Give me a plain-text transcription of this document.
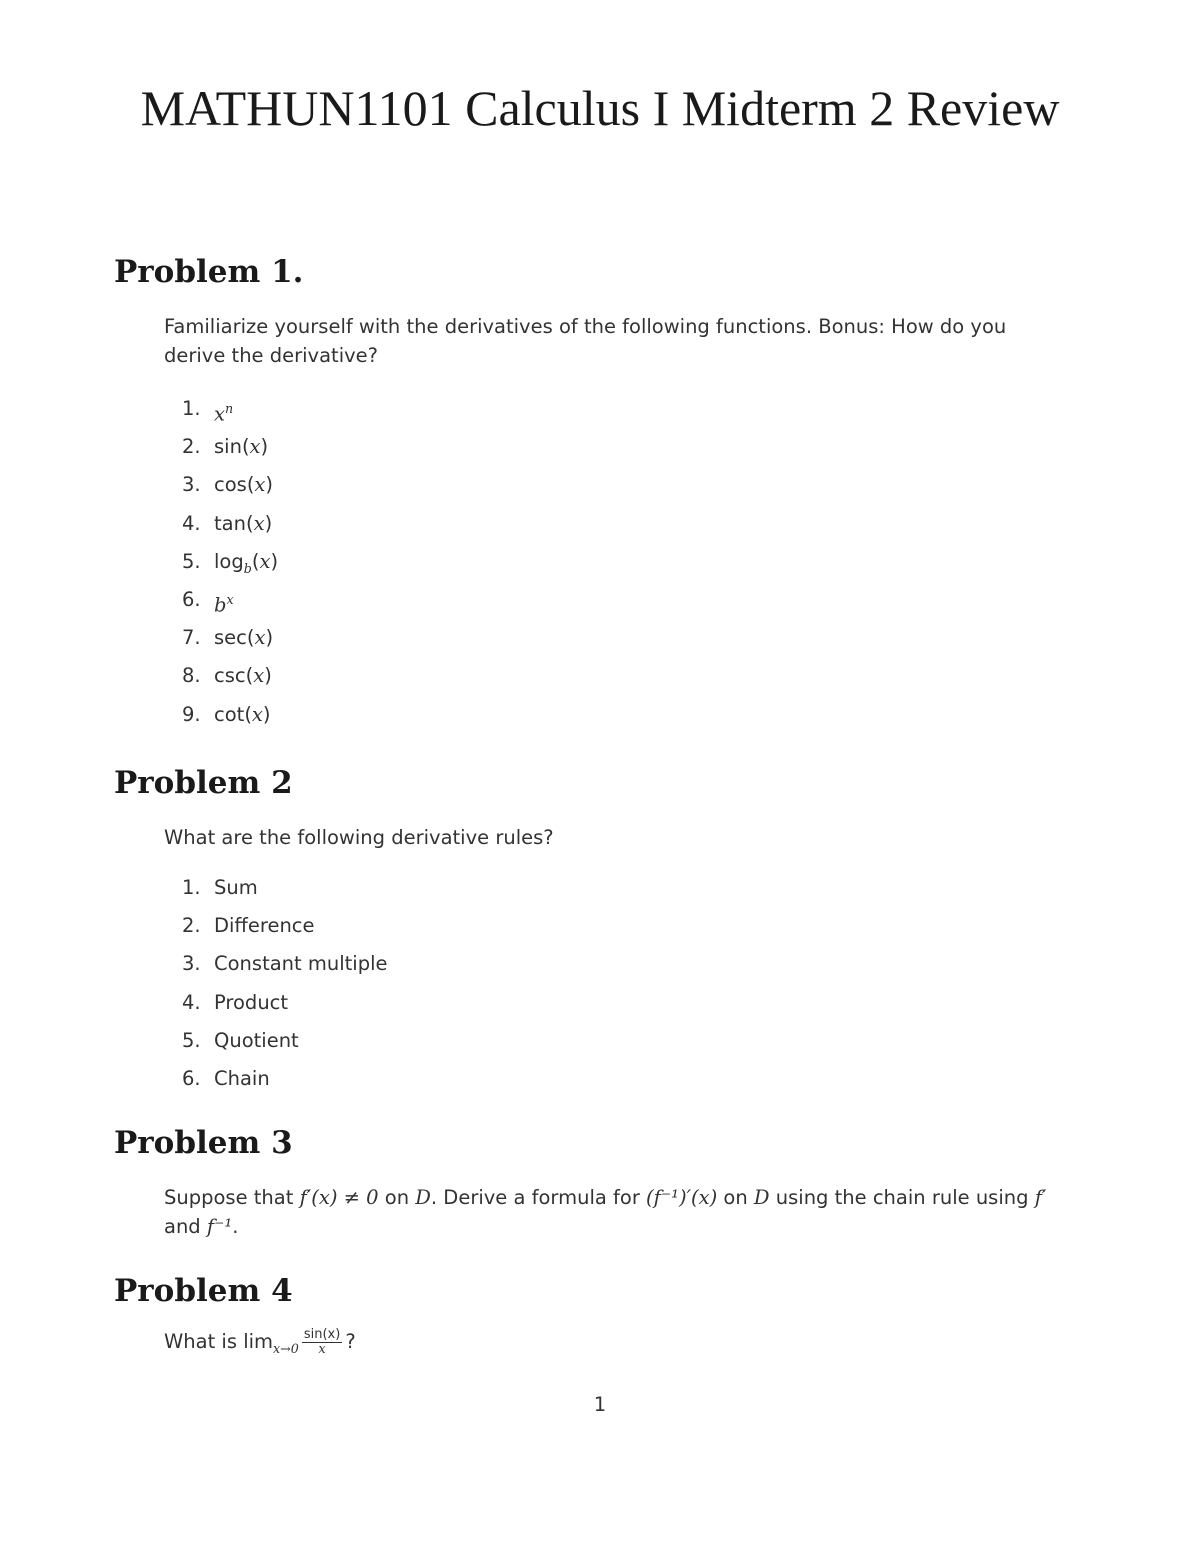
MATHUN1101 Calculus I Midterm 2 Review
Problem 1.

Familiarize yourself with the derivatives of the following functions. Bonus: How do you derive the derivative?

1. $x^n$
2. sin(x)
3. cos(x)
4. tan(x)
5. $\log_b(x)$
6. $b^x$
7. sec(x)
8. csc(x)
9. cot(x)
Problem 2

What are the following derivative rules?

1. Sum
2. Difference
3. Constant multiple
4. Product
5. Quotient
6. Chain
Problem 3

Suppose that f′(x) ≠ 0 on D. Derive a formula for (f⁻¹)′(x) on D using the chain rule using f′ and f⁻¹.

Problem 4

What is $\lim_{x\to 0} \frac{\sin(x)}{x}$ ?

1
